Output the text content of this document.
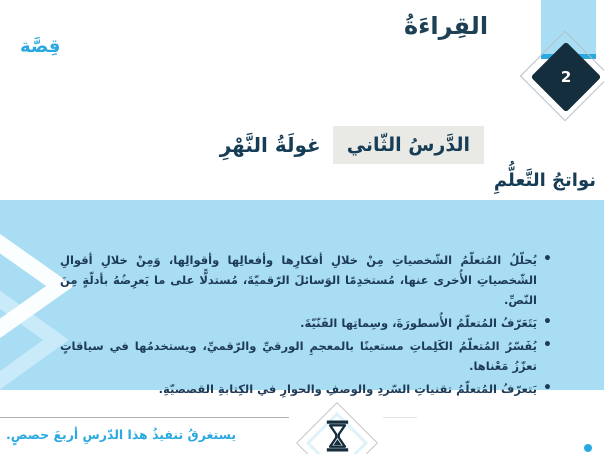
قِصَّة
القِراءَةُ
2
الدَّرسُ الثّاني
غولَةُ النَّهْرِ
نواتجُ التَّعلُّمِ
• يُحلّلُ المُتعلّمُ الشّخصياتِ مِنْ خلالِ أفكارِها وأفعالِها وأقوالِها، وَمِنْ خلالِ أقوالِ الشّخصياتِ الأُخرى عنها، مُستخدِمًا الوَسائلَ الرّقميّةَ، مُستدلًّا على ما يَعرِضُهُ بأدلّةٍ مِنَ النّصِّ.
• يَتَعَرّفُ المُتعلّمُ الأُسطورَةَ، وسِماتِها الفَنّيّةَ.
• يُفَسّرُ المُتعلّمُ الكَلِماتِ مستعينًا بالمعجمِ الورقيِّ والرّقميِّ، ويستخدمُها في سياقاتٍ تعزّزُ مَعْناها.
• يَتعرّفُ المُتعلّمُ تقنياتِ السّردِ والوصفِ والحوارِ في الكِتابةِ القصصيّةِ.
يستغرقُ تنفيذُ هذا الدّرسِ أربعَ حصصٍ.
